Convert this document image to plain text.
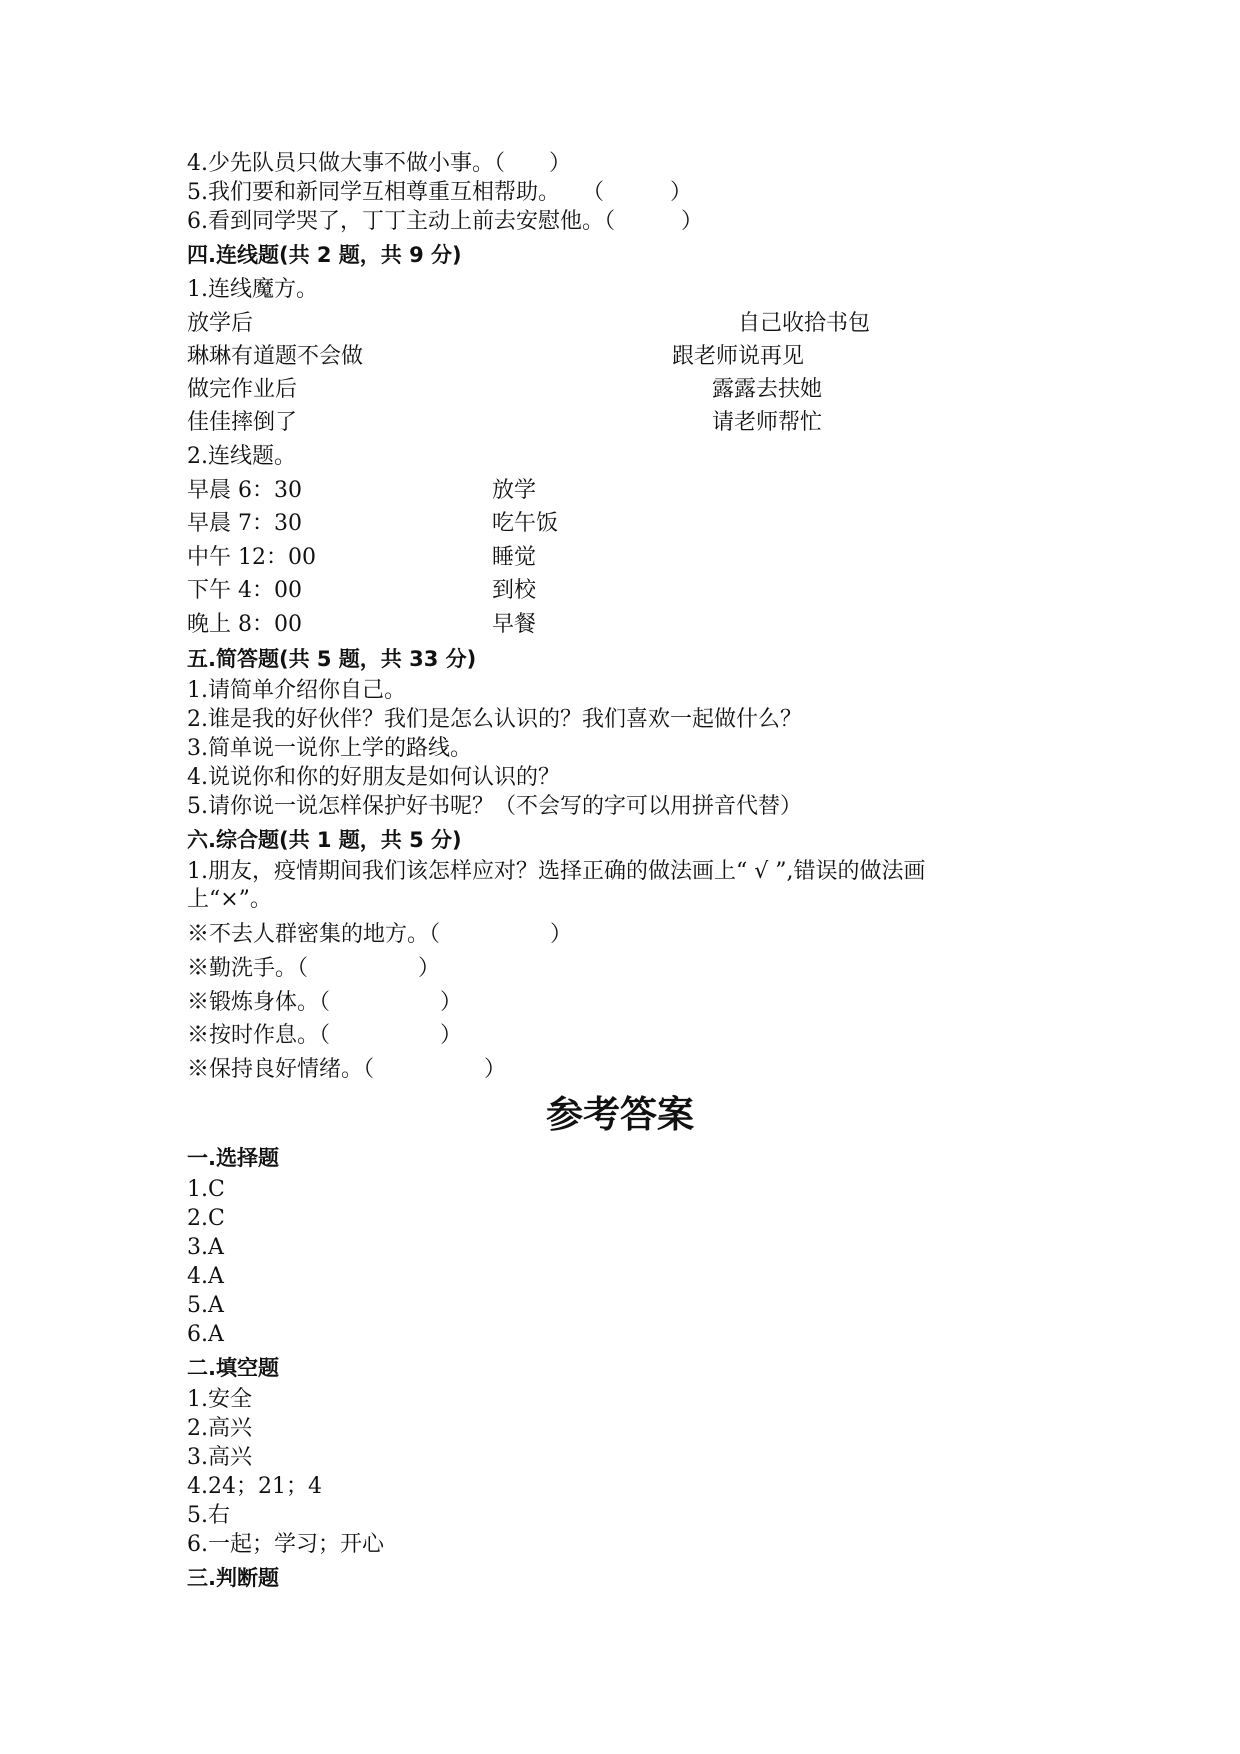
4.少先队员只做大事不做小事。（　　）

5.我们要和新同学互相尊重互相帮助。　　（　　　）

6.看到同学哭了，丁丁主动上前去安慰他。（　　　）

四.连线题(共 2 题，共 9 分)

1.连线魔方。

放学后	自己收拾书包

琳琳有道题不会做	跟老师说再见

做完作业后	露露去扶她

佳佳摔倒了	请老师帮忙

2.连线题。

早晨 6：30	放学

早晨 7：30	吃午饭

中午 12：00	睡觉

下午 4：00	到校

晚上 8：00	早餐

五.简答题(共 5 题，共 33 分)

1.请简单介绍你自己。

2.谁是我的好伙伴？我们是怎么认识的？我们喜欢一起做什么？

3.简单说一说你上学的路线。

4.说说你和你的好朋友是如何认识的？

5.请你说一说怎样保护好书呢？（不会写的字可以用拼音代替）

六.综合题(共 1 题，共 5 分)

1.朋友，疫情期间我们该怎样应对？选择正确的做法画上“ √ ”,错误的做法画

上“×”。

※不去人群密集的地方。（　　　　　）

※勤洗手。（　　　　　）

※锻炼身体。（　　　　　）

※按时作息。（　　　　　）

※保持良好情绪。（　　　　　）

参考答案

一.选择题

1.C

2.C

3.A

4.A

5.A

6.A

二.填空题

1.安全

2.高兴

3.高兴

4.24；21；4

5.右

6.一起；学习；开心

三.判断题
